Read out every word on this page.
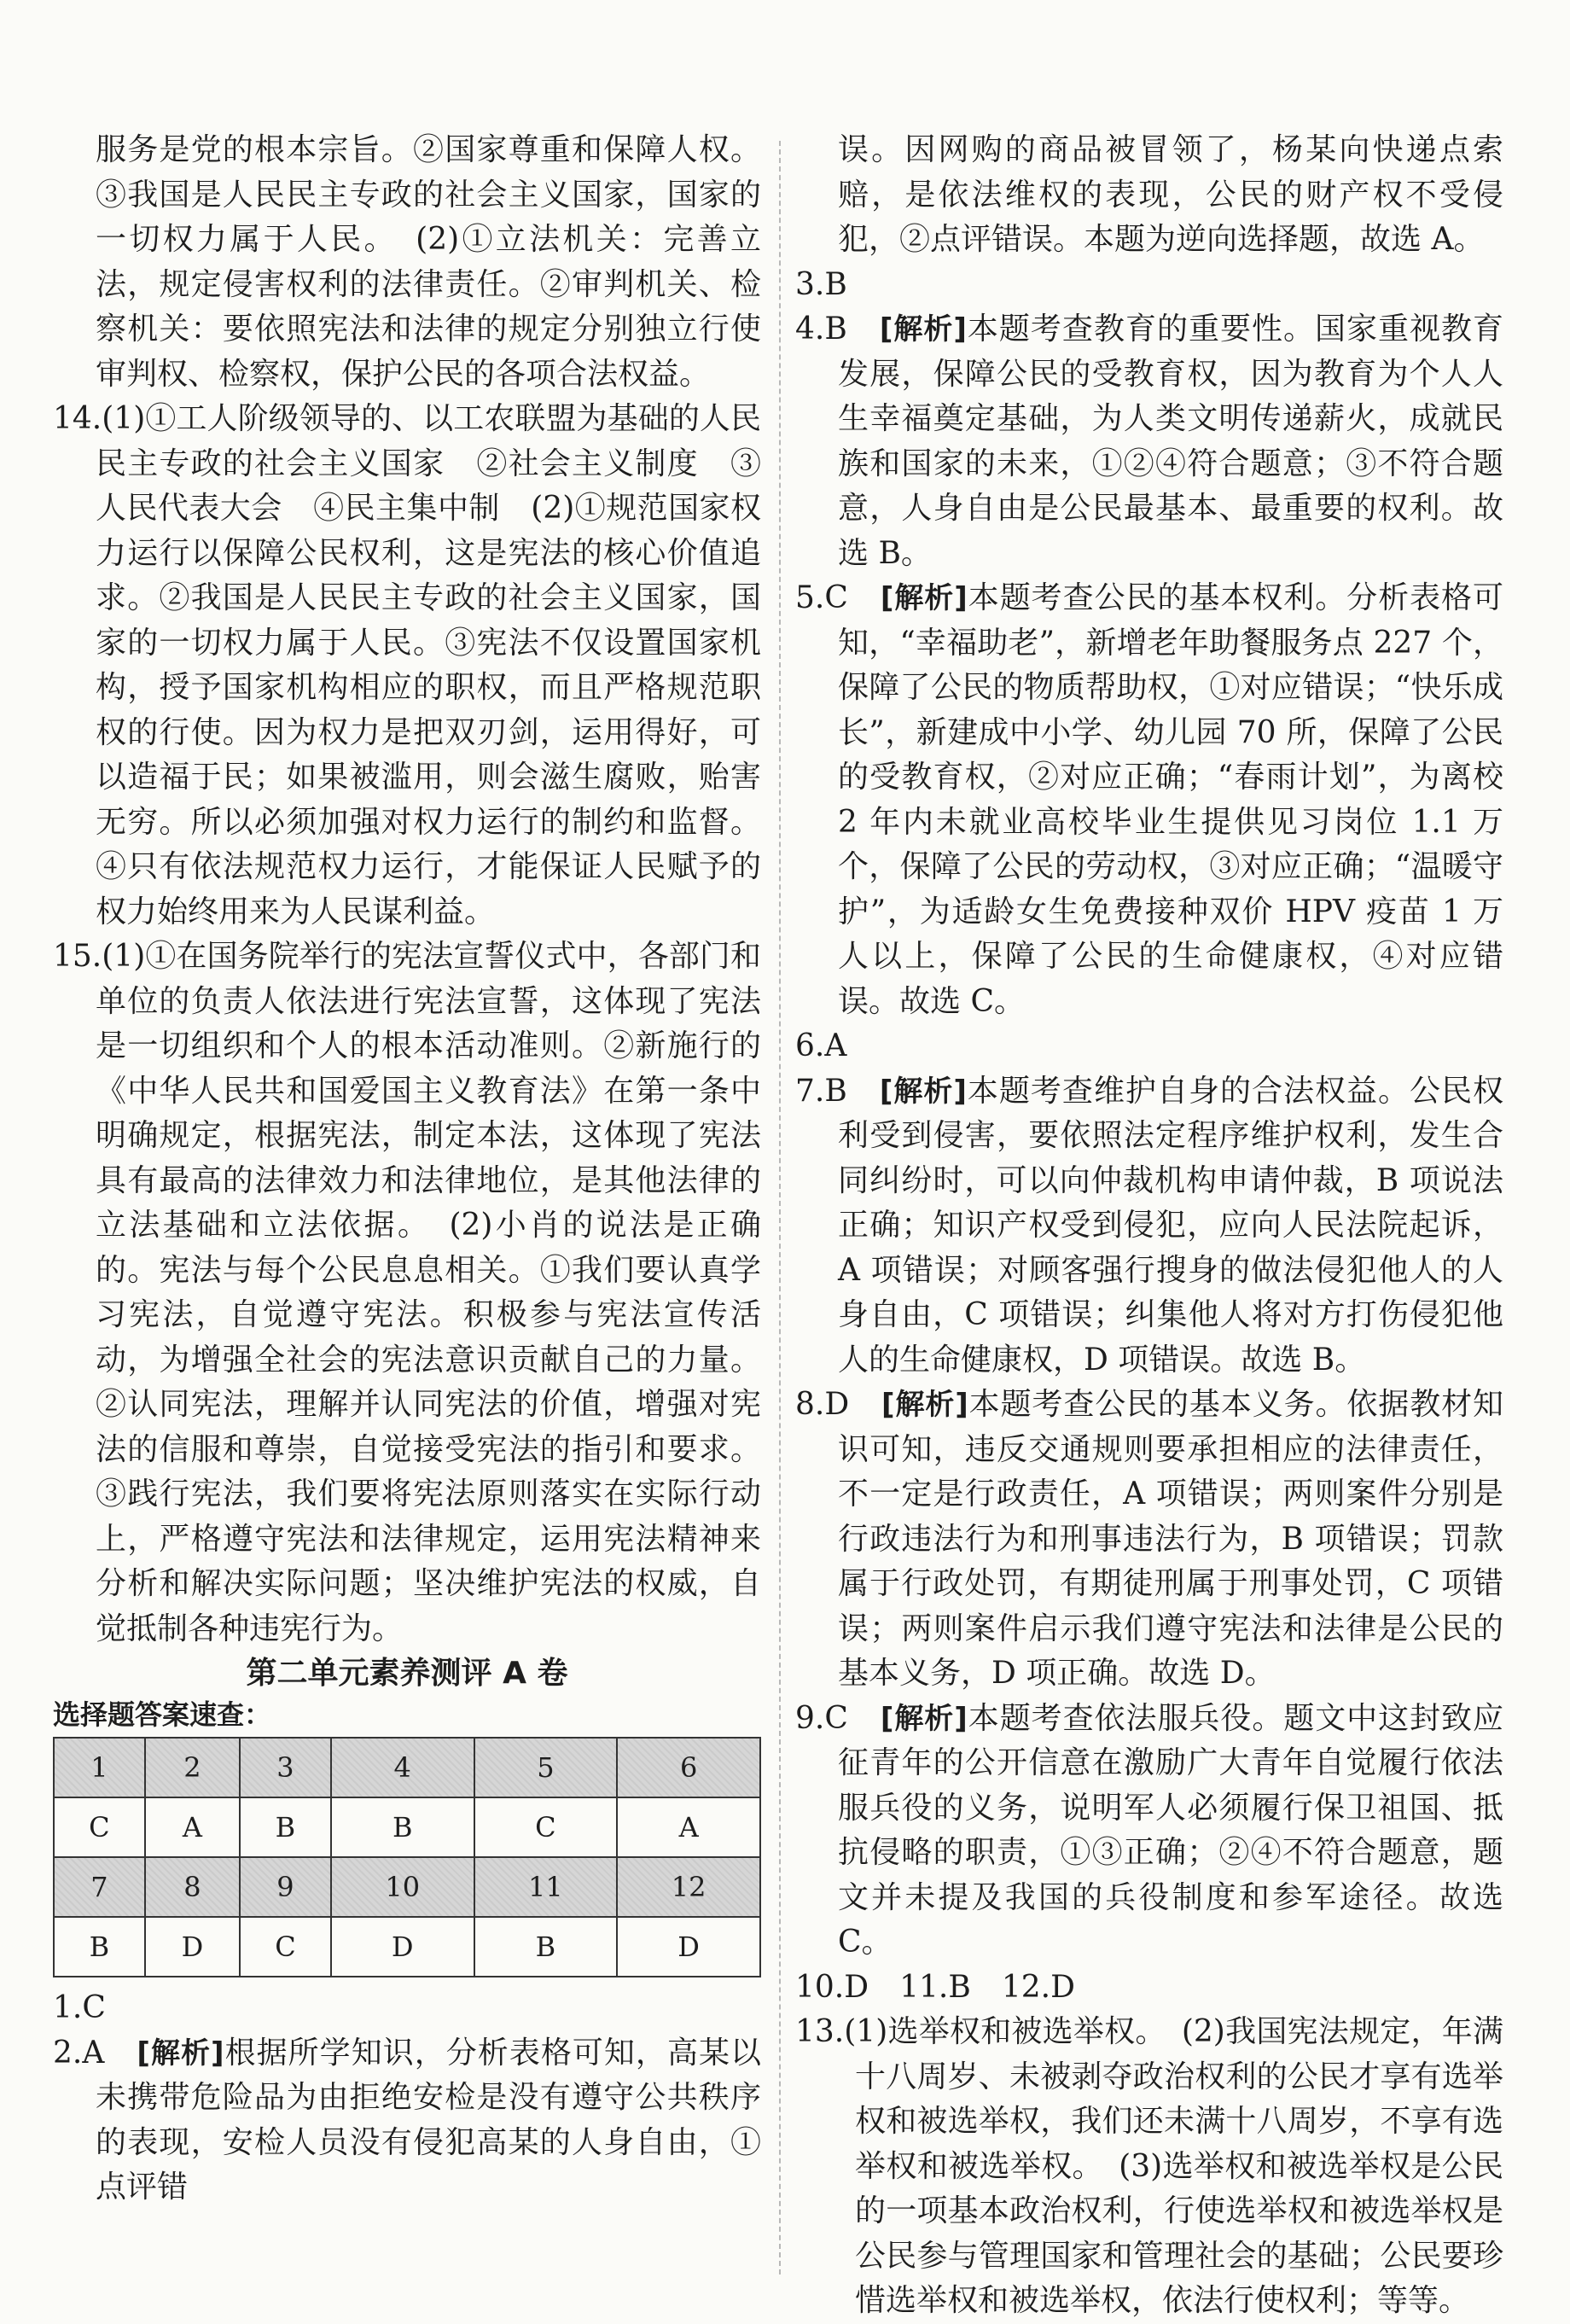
服务是党的根本宗旨。②国家尊重和保障人权。③我国是人民民主专政的社会主义国家，国家的一切权力属于人民。　(2)①立法机关：完善立法，规定侵害权利的法律责任。②审判机关、检察机关：要依照宪法和法律的规定分别独立行使审判权、检察权，保护公民的各项合法权益。

14.(1)①工人阶级领导的、以工农联盟为基础的人民民主专政的社会主义国家　②社会主义制度　③人民代表大会　④民主集中制　(2)①规范国家权力运行以保障公民权利，这是宪法的核心价值追求。②我国是人民民主专政的社会主义国家，国家的一切权力属于人民。③宪法不仅设置国家机构，授予国家机构相应的职权，而且严格规范职权的行使。因为权力是把双刃剑，运用得好，可以造福于民；如果被滥用，则会滋生腐败，贻害无穷。所以必须加强对权力运行的制约和监督。④只有依法规范权力运行，才能保证人民赋予的权力始终用来为人民谋利益。

15.(1)①在国务院举行的宪法宣誓仪式中，各部门和单位的负责人依法进行宪法宣誓，这体现了宪法是一切组织和个人的根本活动准则。②新施行的《中华人民共和国爱国主义教育法》在第一条中明确规定，根据宪法，制定本法，这体现了宪法具有最高的法律效力和法律地位，是其他法律的立法基础和立法依据。　(2)小肖的说法是正确的。宪法与每个公民息息相关。①我们要认真学习宪法，自觉遵守宪法。积极参与宪法宣传活动，为增强全社会的宪法意识贡献自己的力量。②认同宪法，理解并认同宪法的价值，增强对宪法的信服和尊崇，自觉接受宪法的指引和要求。③践行宪法，我们要将宪法原则落实在实际行动上，严格遵守宪法和法律规定，运用宪法精神来分析和解决实际问题；坚决维护宪法的权威，自觉抵制各种违宪行为。

第二单元素养测评 A 卷

选择题答案速查：

1	2	3	4	5	6
C	A	B	B	C	A
7	8	9	10	11	12
B	D	C	D	B	D

1.C

2.A　 [解析]根据所学知识，分析表格可知，高某以未携带危险品为由拒绝安检是没有遵守公共秩序的表现，安检人员没有侵犯高某的人身自由，①点评错

误。因网购的商品被冒领了，杨某向快递点索赔，是依法维权的表现，公民的财产权不受侵犯，②点评错误。本题为逆向选择题，故选 A。

3.B

4.B　 [解析]本题考查教育的重要性。国家重视教育发展，保障公民的受教育权，因为教育为个人人生幸福奠定基础，为人类文明传递薪火，成就民族和国家的未来，①②④符合题意；③不符合题意，人身自由是公民最基本、最重要的权利。故选 B。

5.C　 [解析]本题考查公民的基本权利。分析表格可知，“幸福助老”，新增老年助餐服务点 227 个，保障了公民的物质帮助权，①对应错误；“快乐成长”，新建成中小学、幼儿园 70 所，保障了公民的受教育权，②对应正确；“春雨计划”，为离校 2 年内未就业高校毕业生提供见习岗位 1.1 万个，保障了公民的劳动权，③对应正确；“温暖守护”，为适龄女生免费接种双价 HPV 疫苗 1 万人以上，保障了公民的生命健康权，④对应错误。故选 C。

6.A

7.B　 [解析]本题考查维护自身的合法权益。公民权利受到侵害，要依照法定程序维护权利，发生合同纠纷时，可以向仲裁机构申请仲裁，B 项说法正确；知识产权受到侵犯，应向人民法院起诉，A 项错误；对顾客强行搜身的做法侵犯他人的人身自由，C 项错误；纠集他人将对方打伤侵犯他人的生命健康权，D 项错误。故选 B。

8.D　 [解析]本题考查公民的基本义务。依据教材知识可知，违反交通规则要承担相应的法律责任，不一定是行政责任，A 项错误；两则案件分别是行政违法行为和刑事违法行为，B 项错误；罚款属于行政处罚，有期徒刑属于刑事处罚，C 项错误；两则案件启示我们遵守宪法和法律是公民的基本义务，D 项正确。故选 D。

9.C　 [解析]本题考查依法服兵役。题文中这封致应征青年的公开信意在激励广大青年自觉履行依法服兵役的义务，说明军人必须履行保卫祖国、抵抗侵略的职责，①③正确；②④不符合题意，题文并未提及我国的兵役制度和参军途径。故选 C。

10.D　11.B　12.D

13.(1)选举权和被选举权。　(2)我国宪法规定，年满十八周岁、未被剥夺政治权利的公民才享有选举权和被选举权，我们还未满十八周岁，不享有选举权和被选举权。　(3)选举权和被选举权是公民的一项基本政治权利，行使选举权和被选举权是公民参与管理国家和管理社会的基础；公民要珍惜选举权和被选举权，依法行使权利；等等。
